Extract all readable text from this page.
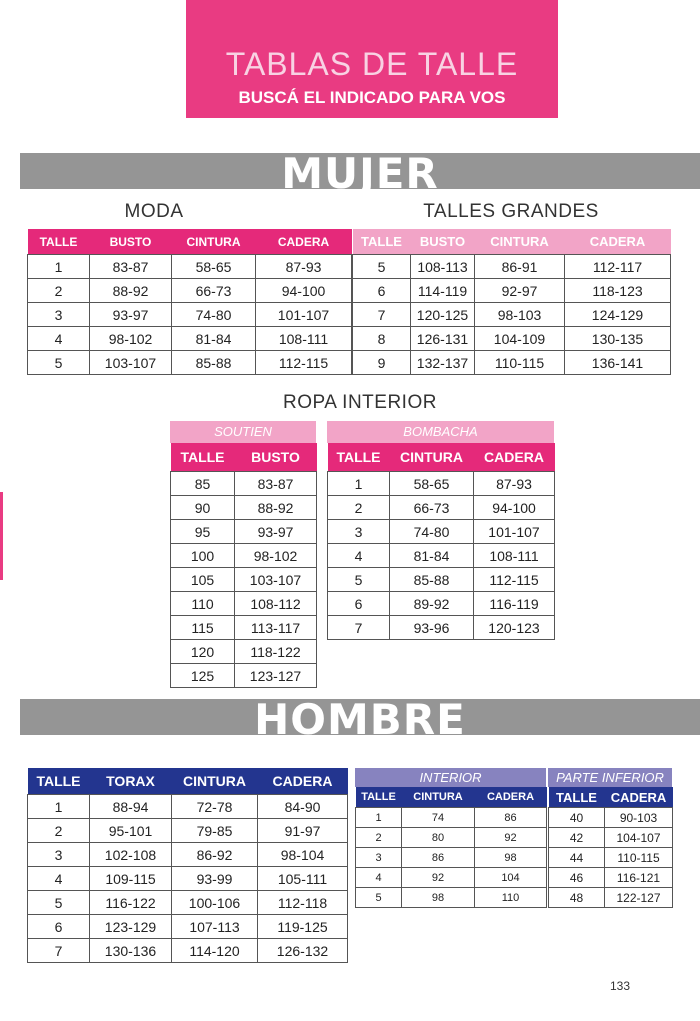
TABLAS DE TALLE
BUSCÁ EL INDICADO PARA VOS
MUJER
MODA	TALLES GRANDES
TALLE	BUSTO	CINTURA	CADERA
1	83-87	58-65	87-93
2	88-92	66-73	94-100
3	93-97	74-80	101-107
4	98-102	81-84	108-111
5	103-107	85-88	112-115
TALLE	BUSTO	CINTURA	CADERA
5	108-113	86-91	112-117
6	114-119	92-97	118-123
7	120-125	98-103	124-129
8	126-131	104-109	130-135
9	132-137	110-115	136-141
ROPA INTERIOR
SOUTIEN
TALLE	BUSTO
85	83-87
90	88-92
95	93-97
100	98-102
105	103-107
110	108-112
115	113-117
120	118-122
125	123-127
BOMBACHA
TALLE	CINTURA	CADERA
1	58-65	87-93
2	66-73	94-100
3	74-80	101-107
4	81-84	108-111
5	85-88	112-115
6	89-92	116-119
7	93-96	120-123
HOMBRE
TALLE	TORAX	CINTURA	CADERA
1	88-94	72-78	84-90
2	95-101	79-85	91-97
3	102-108	86-92	98-104
4	109-115	93-99	105-111
5	116-122	100-106	112-118
6	123-129	107-113	119-125
7	130-136	114-120	126-132
INTERIOR
TALLE	CINTURA	CADERA
1	74	86
2	80	92
3	86	98
4	92	104
5	98	110
PARTE INFERIOR
TALLE	CADERA
40	90-103
42	104-107
44	110-115
46	116-121
48	122-127
133
